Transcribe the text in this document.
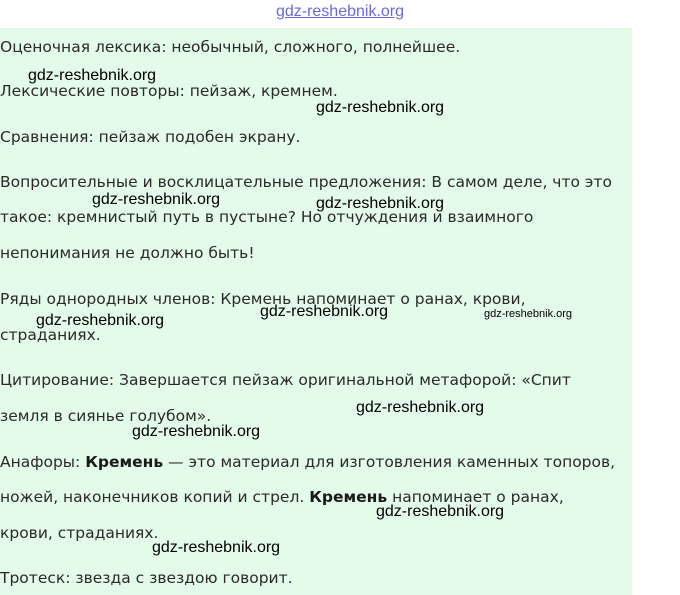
gdz-reshebnik.org

Оценочная лексика: необычный, сложного, полнейшее.

Лексические повторы: пейзаж, кремнем.

Сравнения: пейзаж подобен экрану.

Вопросительные и восклицательные предложения: В самом деле, что это

такое: кремнистый путь в пустыне? Но отчуждения и взаимного

непонимания не должно быть!

Ряды однородных членов: Кремень напоминает о ранах, крови,

страданиях.

Цитирование: Завершается пейзаж оригинальной метафорой: «Спит

земля в сиянье голубом».

Анафоры: Кремень — это материал для изготовления каменных топоров,

ножей, наконечников копий и стрел. Кремень напоминает о ранах,

крови, страданиях.

Тротеск: звезда с звездою говорит.

gdz-reshebnik.org
gdz-reshebnik.org
gdz-reshebnik.org	gdz-reshebnik.org
gdz-reshebnik.org	gdz-reshebnik.org
gdz-reshebnik.org
gdz-reshebnik.org
gdz-reshebnik.org
gdz-reshebnik.org
gdz-reshebnik.org
